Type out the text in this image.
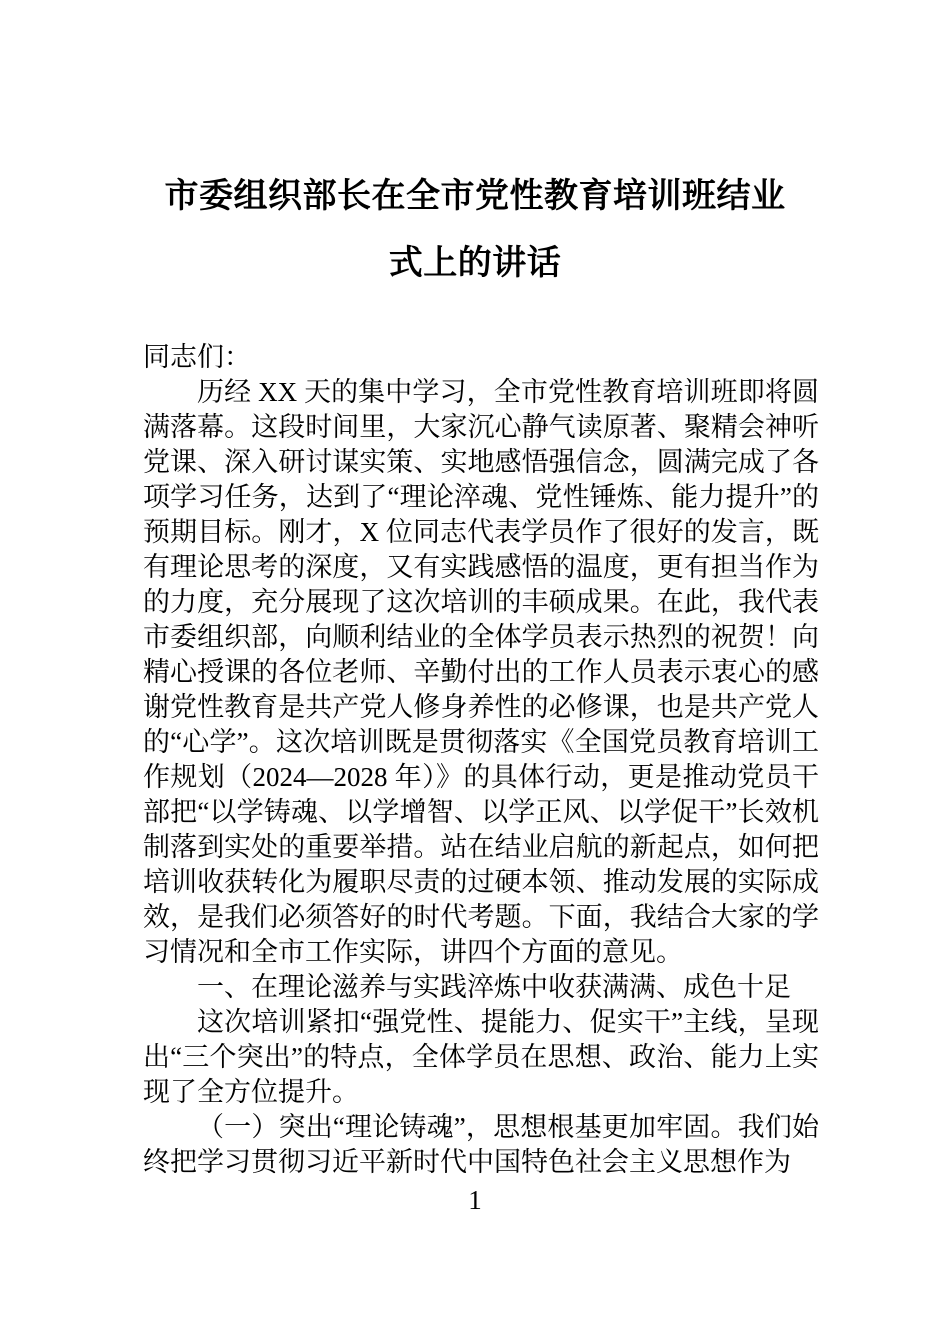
市委组织部长在全市党性教育培训班结业
式上的讲话

同志们：

历经 XX 天的集中学习，全市党性教育培训班即将圆满落幕。这段时间里，大家沉心静气读原著、聚精会神听党课、深入研讨谋实策、实地感悟强信念，圆满完成了各项学习任务，达到了“理论淬魂、党性锤炼、能力提升”的预期目标。刚才，X 位同志代表学员作了很好的发言，既有理论思考的深度，又有实践感悟的温度，更有担当作为的力度，充分展现了这次培训的丰硕成果。在此，我代表市委组织部，向顺利结业的全体学员表示热烈的祝贺！向精心授课的各位老师、辛勤付出的工作人员表示衷心的感谢党性教育是共产党人修身养性的必修课，也是共产党人的“心学”。这次培训既是贯彻落实《全国党员教育培训工作规划（2024—2028 年）》的具体行动，更是推动党员干部把“以学铸魂、以学增智、以学正风、以学促干”长效机制落到实处的重要举措。站在结业启航的新起点，如何把培训收获转化为履职尽责的过硬本领、推动发展的实际成效，是我们必须答好的时代考题。下面，我结合大家的学习情况和全市工作实际，讲四个方面的意见。

一、在理论滋养与实践淬炼中收获满满、成色十足

这次培训紧扣“强党性、提能力、促实干”主线，呈现出“三个突出”的特点，全体学员在思想、政治、能力上实现了全方位提升。

（一）突出“理论铸魂”，思想根基更加牢固。我们始终把学习贯彻习近平新时代中国特色社会主义思想作为

1
